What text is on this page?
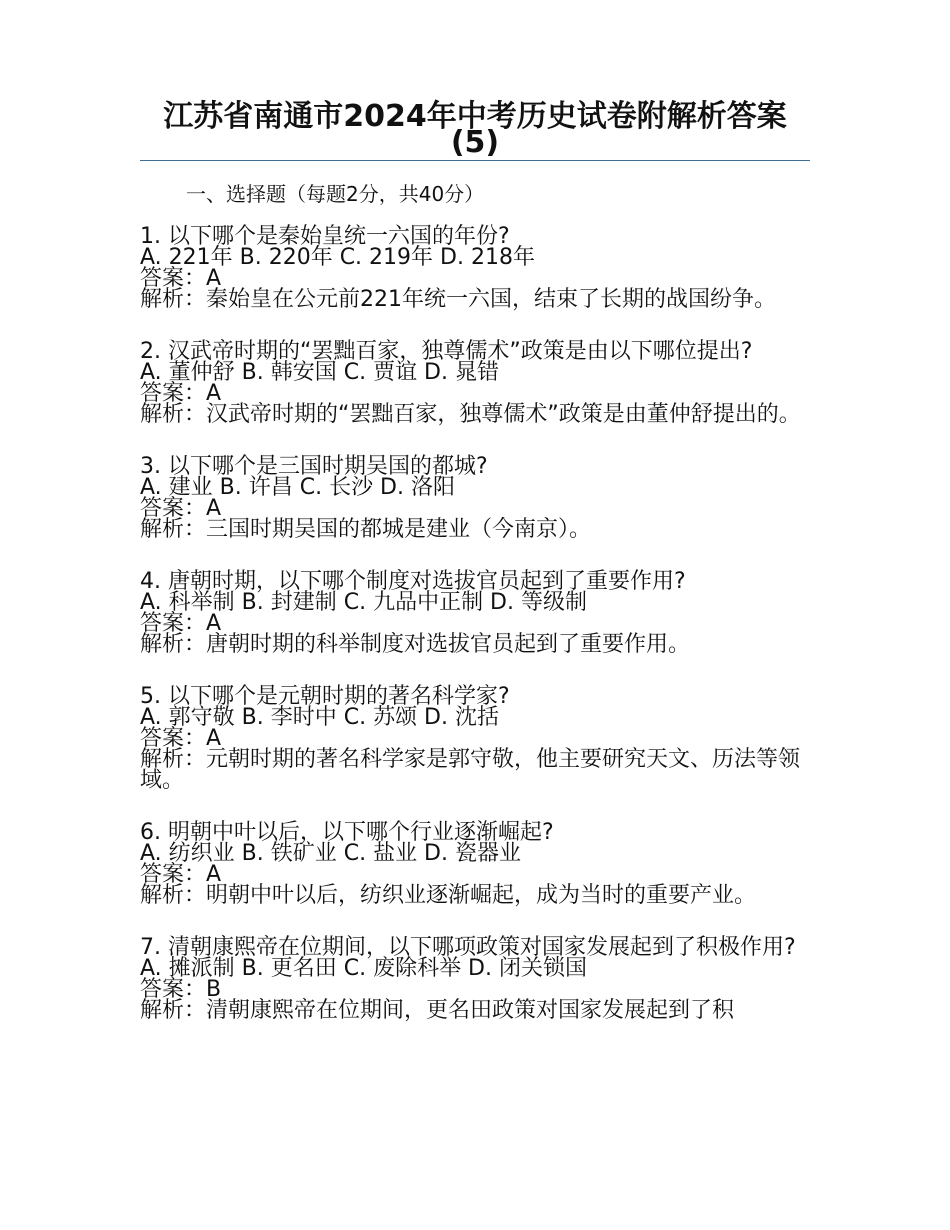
江苏省南通市2024年中考历史试卷附解析答案(5)
一、选择题（每题2分，共40分）
1. 以下哪个是秦始皇统一六国的年份?
A. 221年 B. 220年 C. 219年 D. 218年
答案：A
解析：秦始皇在公元前221年统一六国，结束了长期的战国纷争。
2. 汉武帝时期的“罢黜百家，独尊儒术”政策是由以下哪位提出?
A. 董仲舒 B. 韩安国 C. 贾谊 D. 晁错
答案：A
解析：汉武帝时期的“罢黜百家，独尊儒术”政策是由董仲舒提出的。
3. 以下哪个是三国时期吴国的都城?
A. 建业 B. 许昌 C. 长沙 D. 洛阳
答案：A
解析：三国时期吴国的都城是建业（今南京）。
4. 唐朝时期，以下哪个制度对选拔官员起到了重要作用?
A. 科举制 B. 封建制 C. 九品中正制 D. 等级制
答案：A
解析：唐朝时期的科举制度对选拔官员起到了重要作用。
5. 以下哪个是元朝时期的著名科学家?
A. 郭守敬 B. 李时中 C. 苏颂 D. 沈括
答案：A
解析：元朝时期的著名科学家是郭守敬，他主要研究天文、历法等领域。
6. 明朝中叶以后，以下哪个行业逐渐崛起?
A. 纺织业 B. 铁矿业 C. 盐业 D. 瓷器业
答案：A
解析：明朝中叶以后，纺织业逐渐崛起，成为当时的重要产业。
7. 清朝康熙帝在位期间，以下哪项政策对国家发展起到了积极作用?
A. 摊派制 B. 更名田 C. 废除科举 D. 闭关锁国
答案：B
解析：清朝康熙帝在位期间，更名田政策对国家发展起到了积
